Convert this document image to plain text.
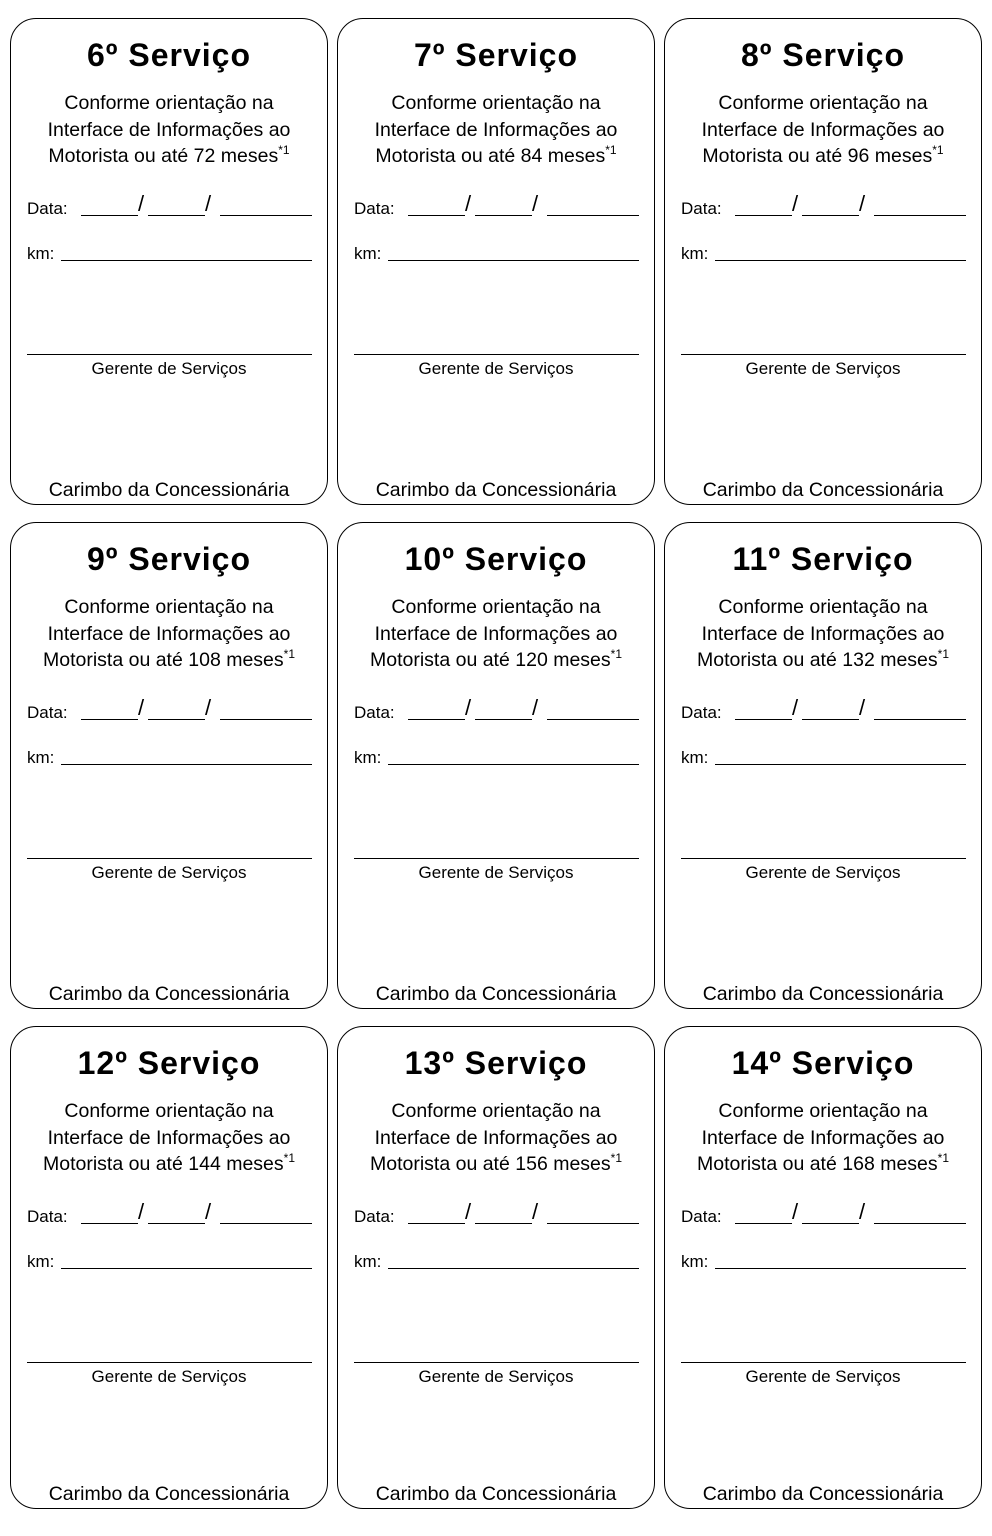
6º Serviço
Conforme orientação na
Interface de Informações ao
Motorista ou até 72 meses$^{*1}$
Data:	/	/
km:
Gerente de Serviços
Carimbo da Concessionária
7º Serviço
Conforme orientação na
Interface de Informações ao
Motorista ou até 84 meses$^{*1}$
Data:	/	/
km:
Gerente de Serviços
Carimbo da Concessionária
8º Serviço
Conforme orientação na
Interface de Informações ao
Motorista ou até 96 meses$^{*1}$
Data:	/	/
km:
Gerente de Serviços
Carimbo da Concessionária
9º Serviço
Conforme orientação na
Interface de Informações ao
Motorista ou até 108 meses$^{*1}$
Data:	/	/
km:
Gerente de Serviços
Carimbo da Concessionária
10º Serviço
Conforme orientação na
Interface de Informações ao
Motorista ou até 120 meses$^{*1}$
Data:	/	/
km:
Gerente de Serviços
Carimbo da Concessionária
11º Serviço
Conforme orientação na
Interface de Informações ao
Motorista ou até 132 meses$^{*1}$
Data:	/	/
km:
Gerente de Serviços
Carimbo da Concessionária
12º Serviço
Conforme orientação na
Interface de Informações ao
Motorista ou até 144 meses$^{*1}$
Data:	/	/
km:
Gerente de Serviços
Carimbo da Concessionária
13º Serviço
Conforme orientação na
Interface de Informações ao
Motorista ou até 156 meses$^{*1}$
Data:	/	/
km:
Gerente de Serviços
Carimbo da Concessionária
14º Serviço
Conforme orientação na
Interface de Informações ao
Motorista ou até 168 meses$^{*1}$
Data:	/	/
km:
Gerente de Serviços
Carimbo da Concessionária
